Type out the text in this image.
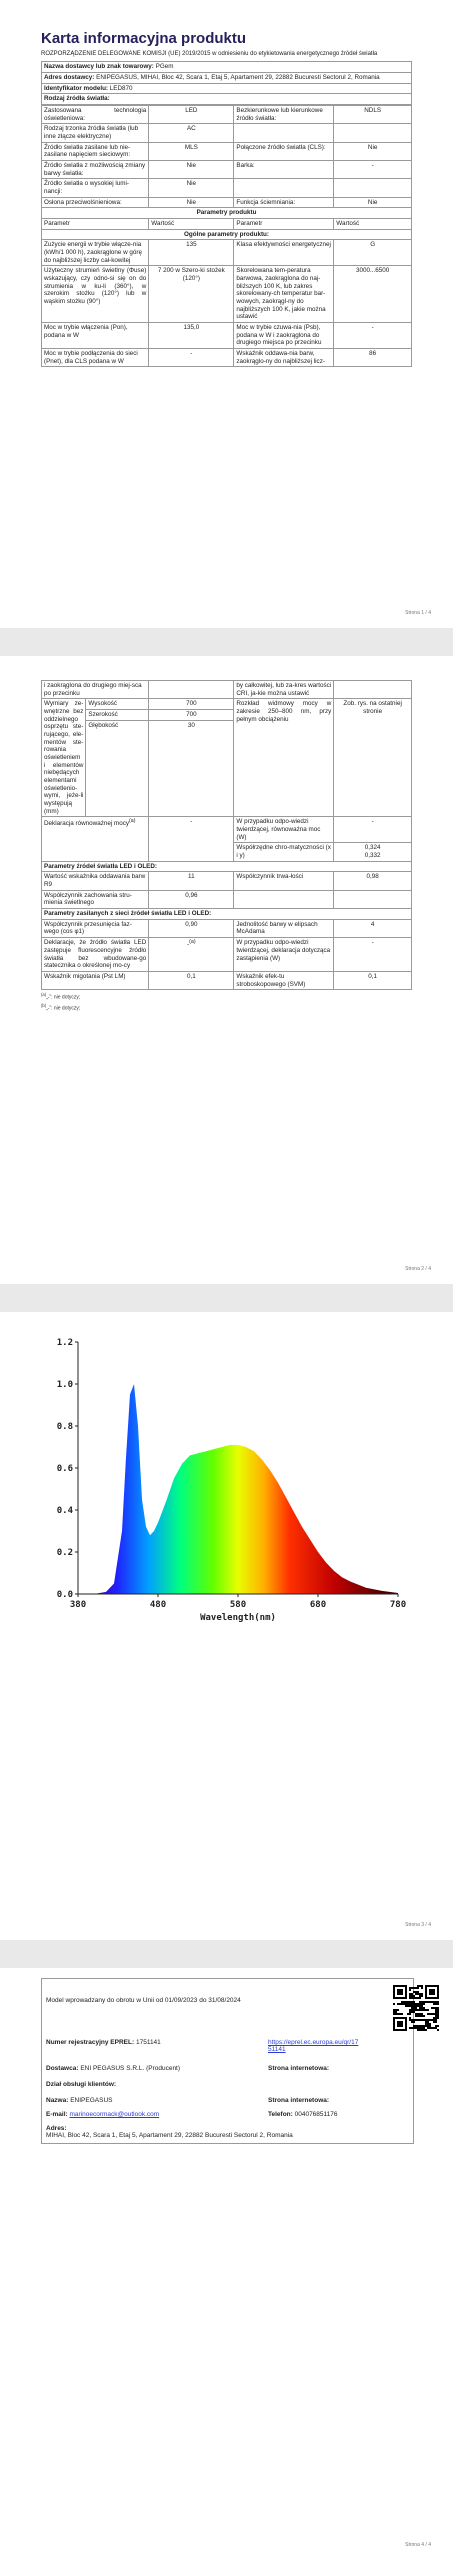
Karta informacyjna produktu
ROZPORZĄDZENIE DELEGOWANE KOMISJI (UE) 2019/2015 w odniesieniu do etykietowania energetycznego źródeł światła
Nazwa dostawcy lub znak towarowy: PGem
Adres dostawcy: ENIPEGASUS, MIHAI, Bloc 42, Scara 1, Etaj 5, Apartament 29, 22882 Bucuresti Sectorul 2, Romania
Identyfikator modelu: LED870
Rodzaj źródła światła:
Zastosowana technologia oświetleniowa:	LED	Bezkierunkowe lub kierunkowe źródło światła:	NDLS
Rodzaj trzonka źródła światła (lub inne złącze elektryczne)	AC		
Źródło światła zasilane lub nie-zasilane napięciem sieciowym:	MLS	Połączone źródło światła (CLS):	Nie
Źródło światła z możliwością zmiany barwy światła:	Nie	Barka:	-
Źródło światła o wysokiej lumi-nancji:	Nie		
Osłona przeciwolśnieniowa:	Nie	Funkcja ściemniania:	Nie
Parametry produktu			
Parametr	Wartość	Parametr	Wartość
Ogólne parametry produktu:			
Zużycie energii w trybie włącze-nia (kWh/1 000 h), zaokrąglone w górę do najbliższej liczby cał-kowitej	135	Klasa efektywności energetycznej	G
Użyteczny strumień świetlny (Φuse) wskazujący, czy odno-si się on do strumienia w ku-li (360°), w szerokim stożku (120°) lub w wąskim stożku (90°)	7 200 w Szero-ki stożek (120°)	Skorelowana tem-peratura barwowa, zaokrąglona do naj-bliższych 100 K, lub zakres skorelowany-ch temperatur bar-wowych, zaokrągl-ny do najbliższych 100 K, jakie można ustawić	3000...6500
Moc w trybie włączenia (Pon), podana w W	135,0	Moc w trybie czuwa-nia (Psb), podana w W i zaokrąglona do drugiego miejsca po przecinku	-
Moc w trybie podłączenia do sieci (Pnet), dla CLS podana w W	-	Wskaźnik oddawa-nia barw, zaokrąglo-ny do najbliższej licz-	86
Strona 1 / 4
i zaokrąglona do drugiego miej-sca po przecinku			by całkowitej, lub za-kres wartości CRI, ja-kie można ustawić	
Wymiary ze-wnętrzne bez oddzielnego osprzętu ste-rującego, ele-mentów ste-rowania oświetleniem i elementów niebędących elementami oświetlenio-wymi, jeże-li występują (mm)	Wysokość	700	Rozkład widmowy mocy w zakresie 250–800 nm, przy pełnym obciążeniu	Zob. rys. na ostatniej stronie
	Szerokość	700		
	Głębokość	30		
Deklaracja równoważnej mocy$^{(a)}$		-	W przypadku odpo-wiedzi twierdzącej, równoważna moc (W)	-
			Współrzędne chro-matyczności (x i y)	0,324
0,332

Parametry źródeł światła LED i OLED:				
Wartość wskaźnika oddawania barw R9		11	Współczynnik trwa-łości	0,98
Współczynnik zachowania stru-mienia świetlnego		0,96		
Parametry zasilanych z sieci źródeł światła LED i OLED:				
Współczynnik przesunięcia faz-wego (cos φ1)		0,90	Jednolitość barwy w elipsach McAdama	4
Deklaracje, że źródło światła LED zastępuje fluorescencyjne źródło światła bez wbudowane-go statecznika o określonej mo-cy		-$^{(a)}$	W przypadku odpo-wiedzi twierdzącej, deklaracja dotycząca zastąpienia (W)	-
Wskaźnik migotania (Pst LM)		0,1	Wskaźnik efek-tu stroboskopowego (SVM)	0,1
$^{(a)}$„-”: nie dotyczy;
$^{(b)}$„-”: nie dotyczy;
Strona 2 / 4
0.0
0.2
0.4
0.6
0.8
1.0
1.2
380	480	580	680	780
Wavelength(nm)
Strona 3 / 4
Model wprowadzany do obrotu w Unii od 01/09/2023 do 31/08/2024
Numer rejestracyjny EPREL: 1751141	https://eprel.ec.europa.eu/qr/17 51141
Dostawca: ENI PEGASUS S.R.L. (Producent)	Strona internetowa:
Dział obsługi klientów:
Nazwa: ENIPEGASUS	Strona internetowa:
E-mail: marinoecormack@outlook.com	Telefon: 004076851176
Adres:
MIHAI, Bloc 42, Scara 1, Etaj 5, Apartament 29, 22882 Bucuresti Sectorul 2, Romania
Strona 4 / 4
